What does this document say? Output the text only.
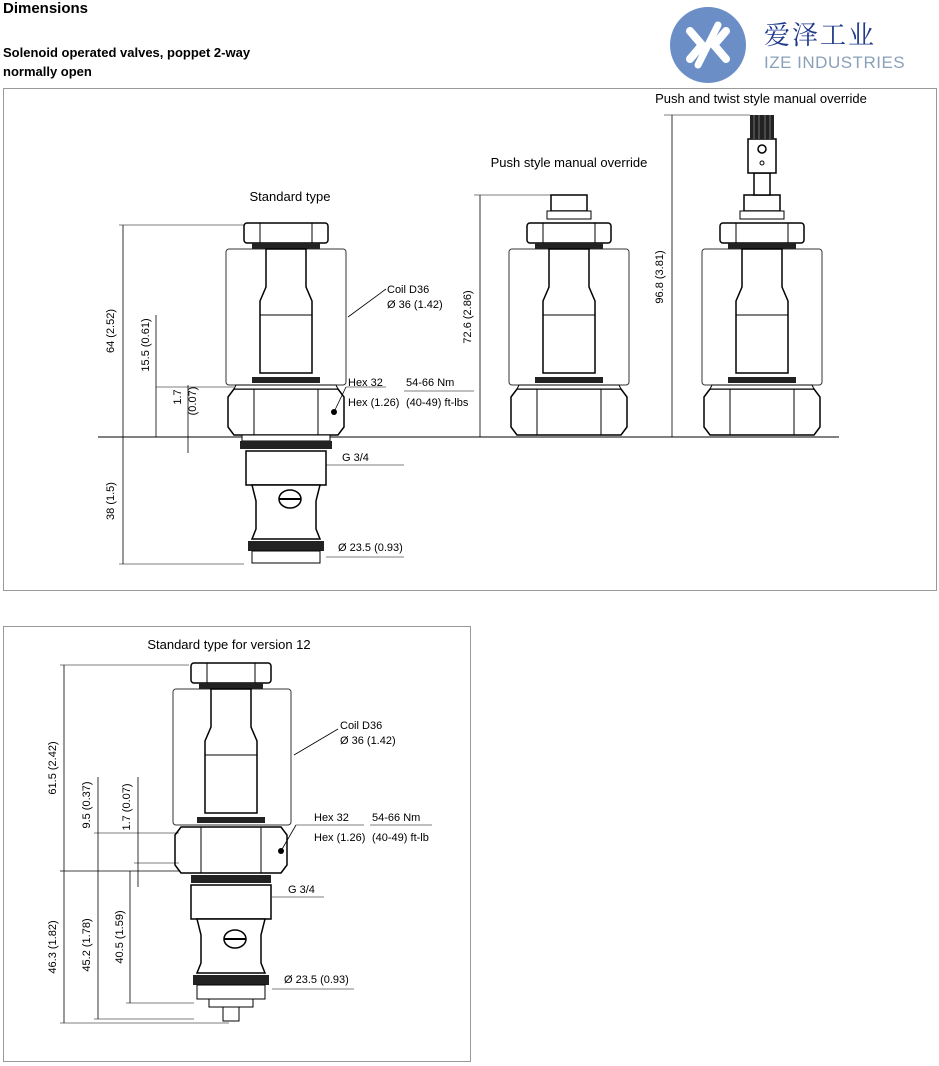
Dimensions
Solenoid operated valves, poppet 2-way
normally open
爱泽工业
IZE INDUSTRIES
Standard type
64 (2.52) 15.5 (0.61)
1.7 (0.07)
38 (1.5)
Coil D36
Ø 36 (1.42)
Hex 32
Hex (1.26)
54-66 Nm
(40-49) ft-lbs
G 3/4
Ø 23.5 (0.93)
Push style manual override
72.6 (2.86)
Push and twist style manual override
96.8 (3.81)
Standard type for version 12
61.5 (2.42)
9.5 (0.37)	1.7 (0.07)
46.3 (1.82) 45.2 (1.78) 40.5 (1.59)
Coil D36
Ø 36 (1.42)
Hex 32
Hex (1.26)
54-66 Nm
(40-49) ft-lb
G 3/4
Ø 23.5 (0.93)
